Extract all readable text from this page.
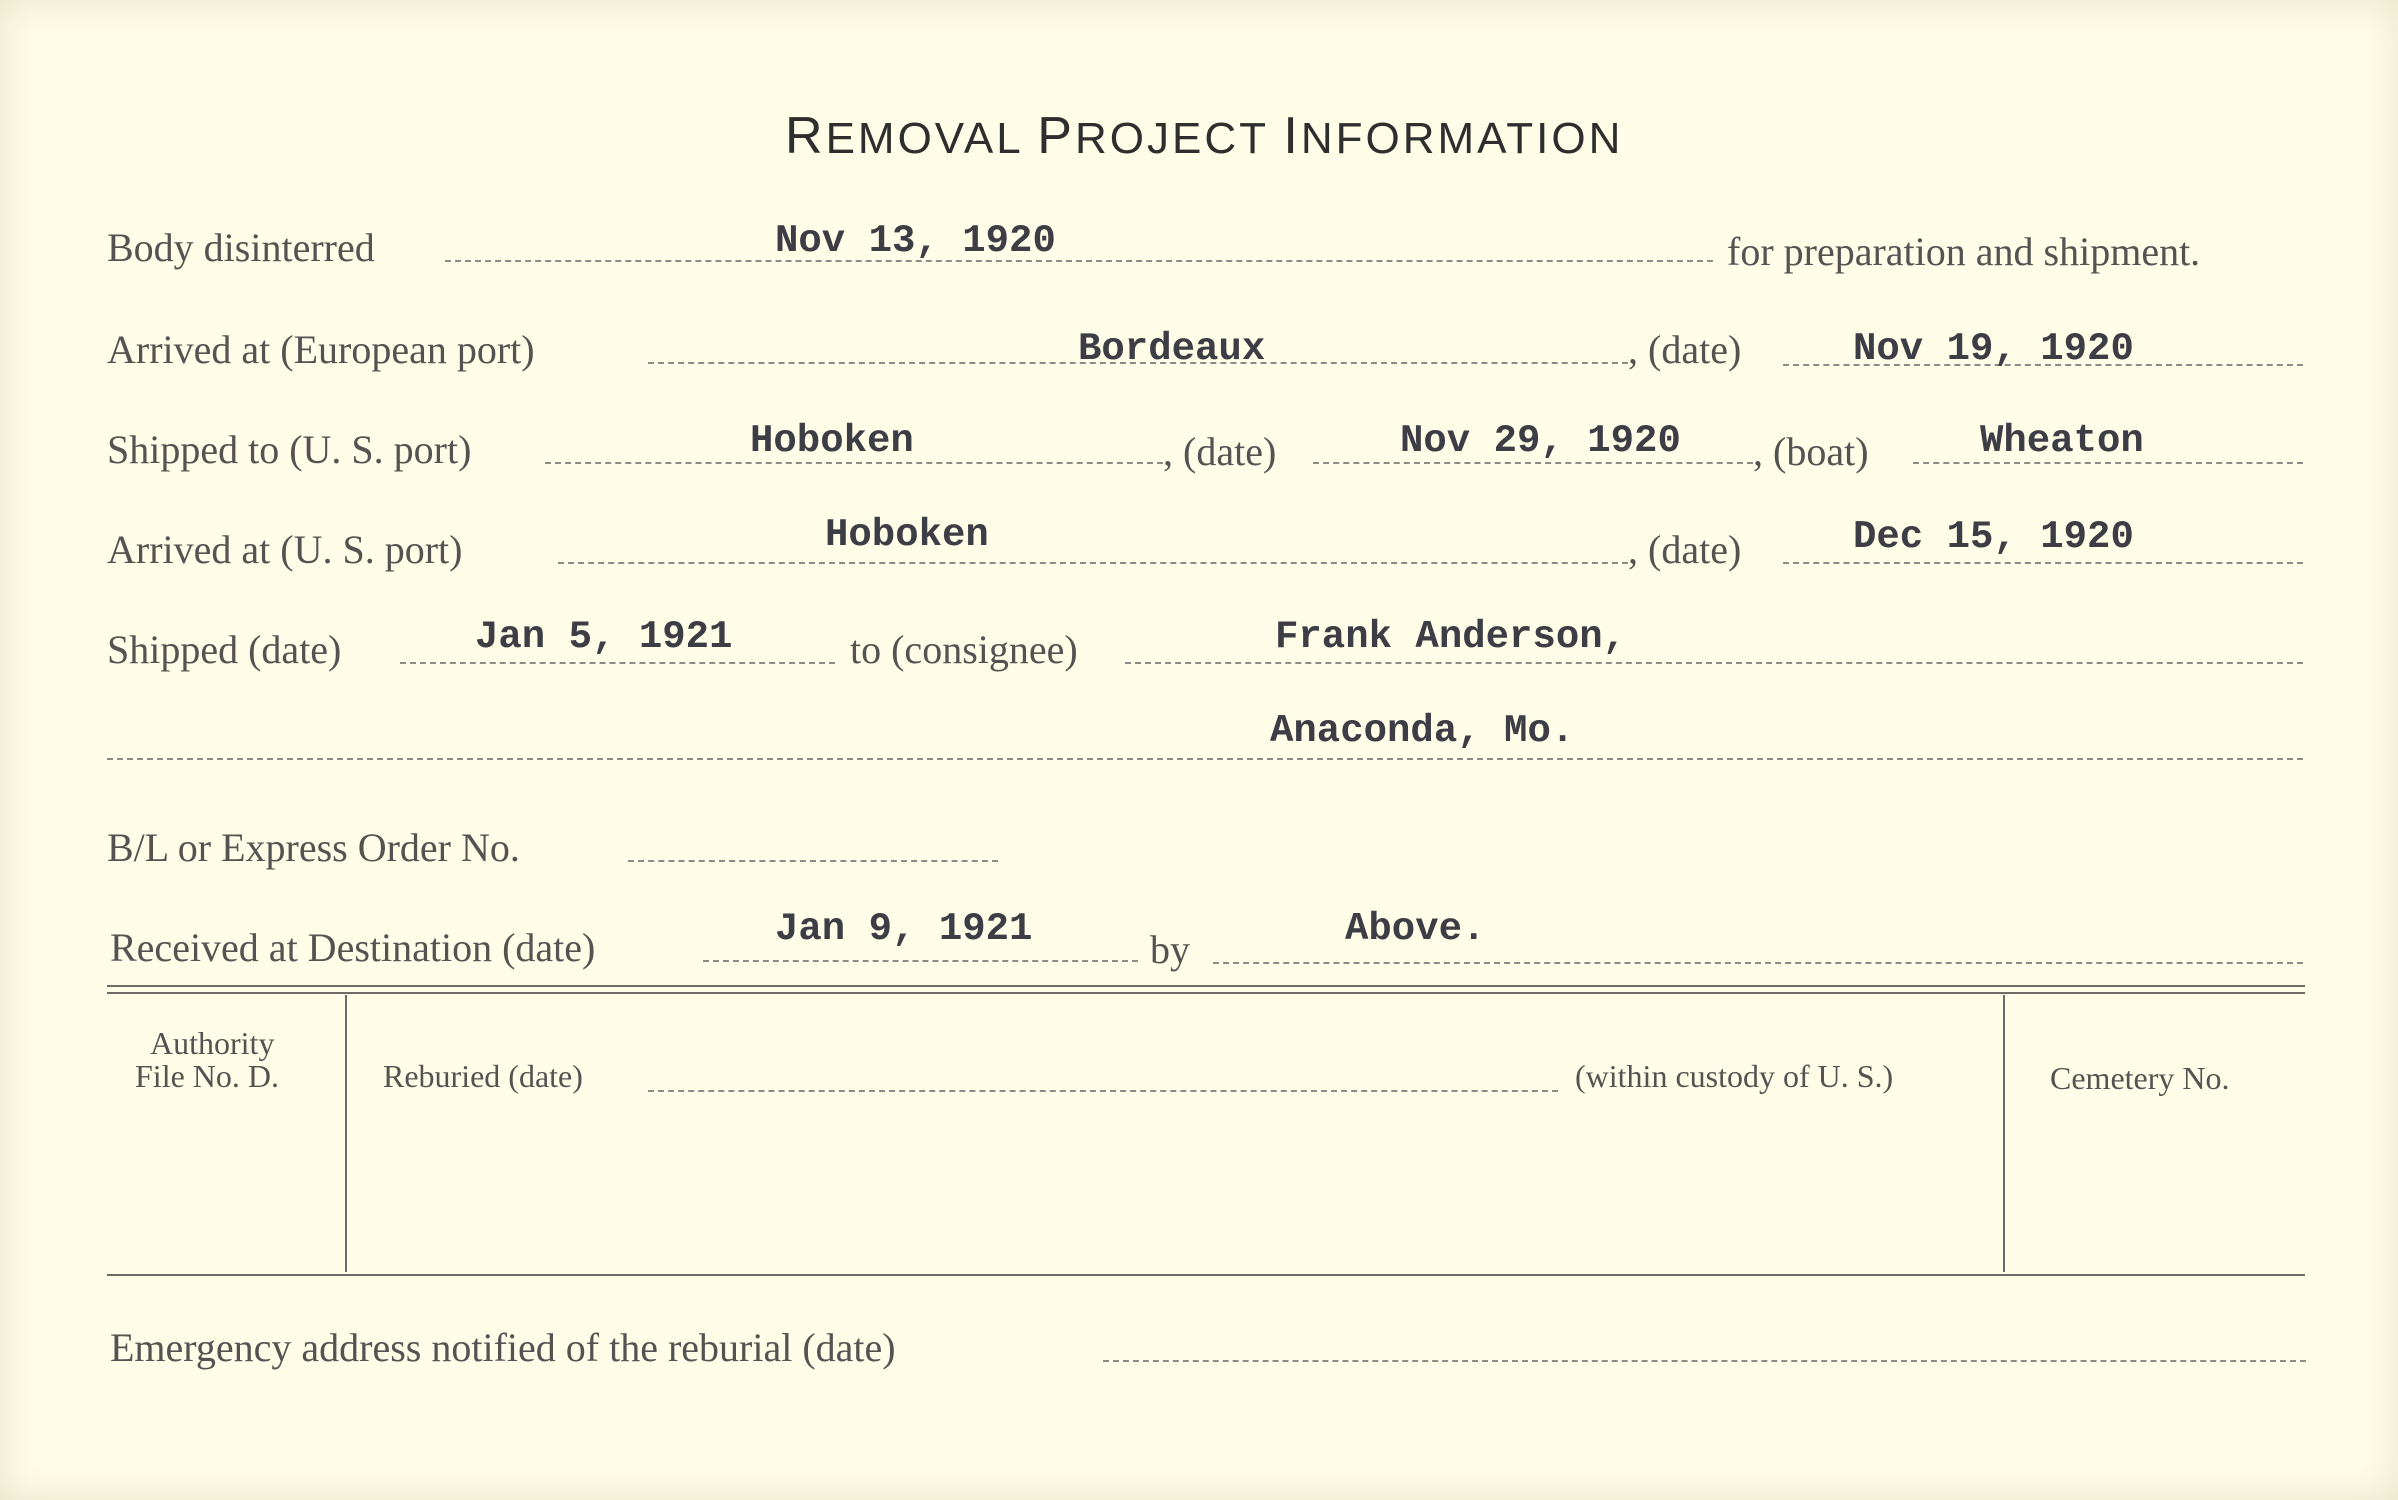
REMOVAL PROJECT INFORMATION
Body disinterred	Nov 13, 1920	for preparation and shipment.
Arrived at (European port)	Bordeaux	, (date)	Nov 19, 1920
Shipped to (U. S. port)	Hoboken	, (date)	Nov 29, 1920 , (boat)	Wheaton
Arrived at (U. S. port)	Hoboken	, (date)	Dec 15, 1920
Shipped (date)	Jan 5, 1921	to (consignee)	Frank Anderson,
Anaconda, Mo.
B/L or Express Order No.
Received at Destination (date)	Jan 9, 1921	by	Above.
Authority
File No. D.	Reburied (date)	(within custody of U. S.)	Cemetery No.
Emergency address notified of the reburial (date)
